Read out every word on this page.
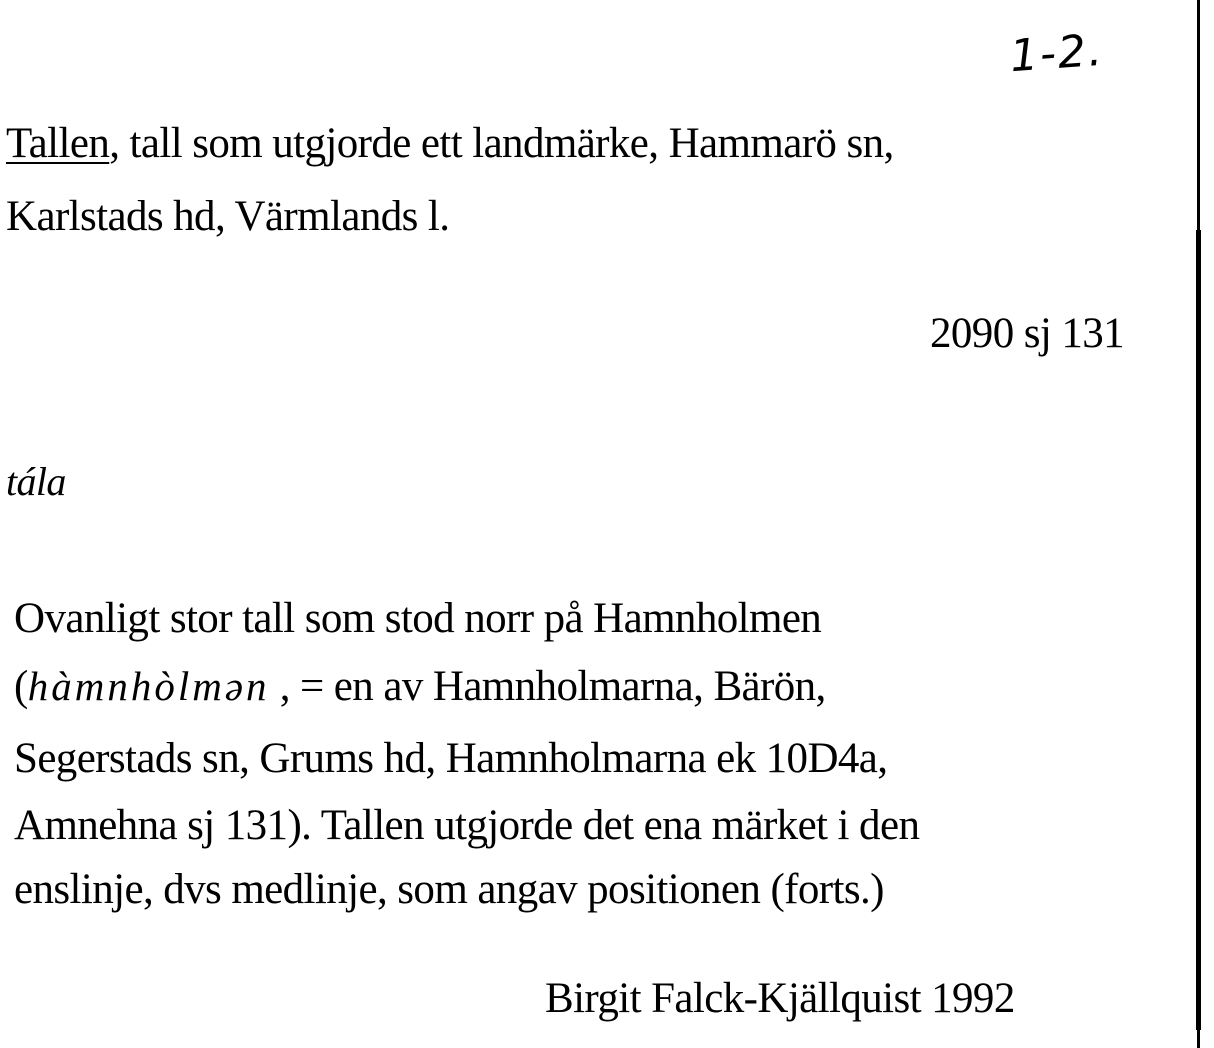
1-2.
Tallen, tall som utgjorde ett landmärke, Hammarö sn,
Karlstads hd, Värmlands l.
2090 sj 131
tála
Ovanligt stor tall som stod norr på Hamnholmen
(hàmnhòlmən , = en av Hamnholmarna, Bärön,
Segerstads sn, Grums hd, Hamnholmarna ek 10D4a,
Amnehna sj 131). Tallen utgjorde det ena märket i den
enslinje, dvs medlinje, som angav positionen (forts.)
Birgit Falck-Kjällquist 1992
